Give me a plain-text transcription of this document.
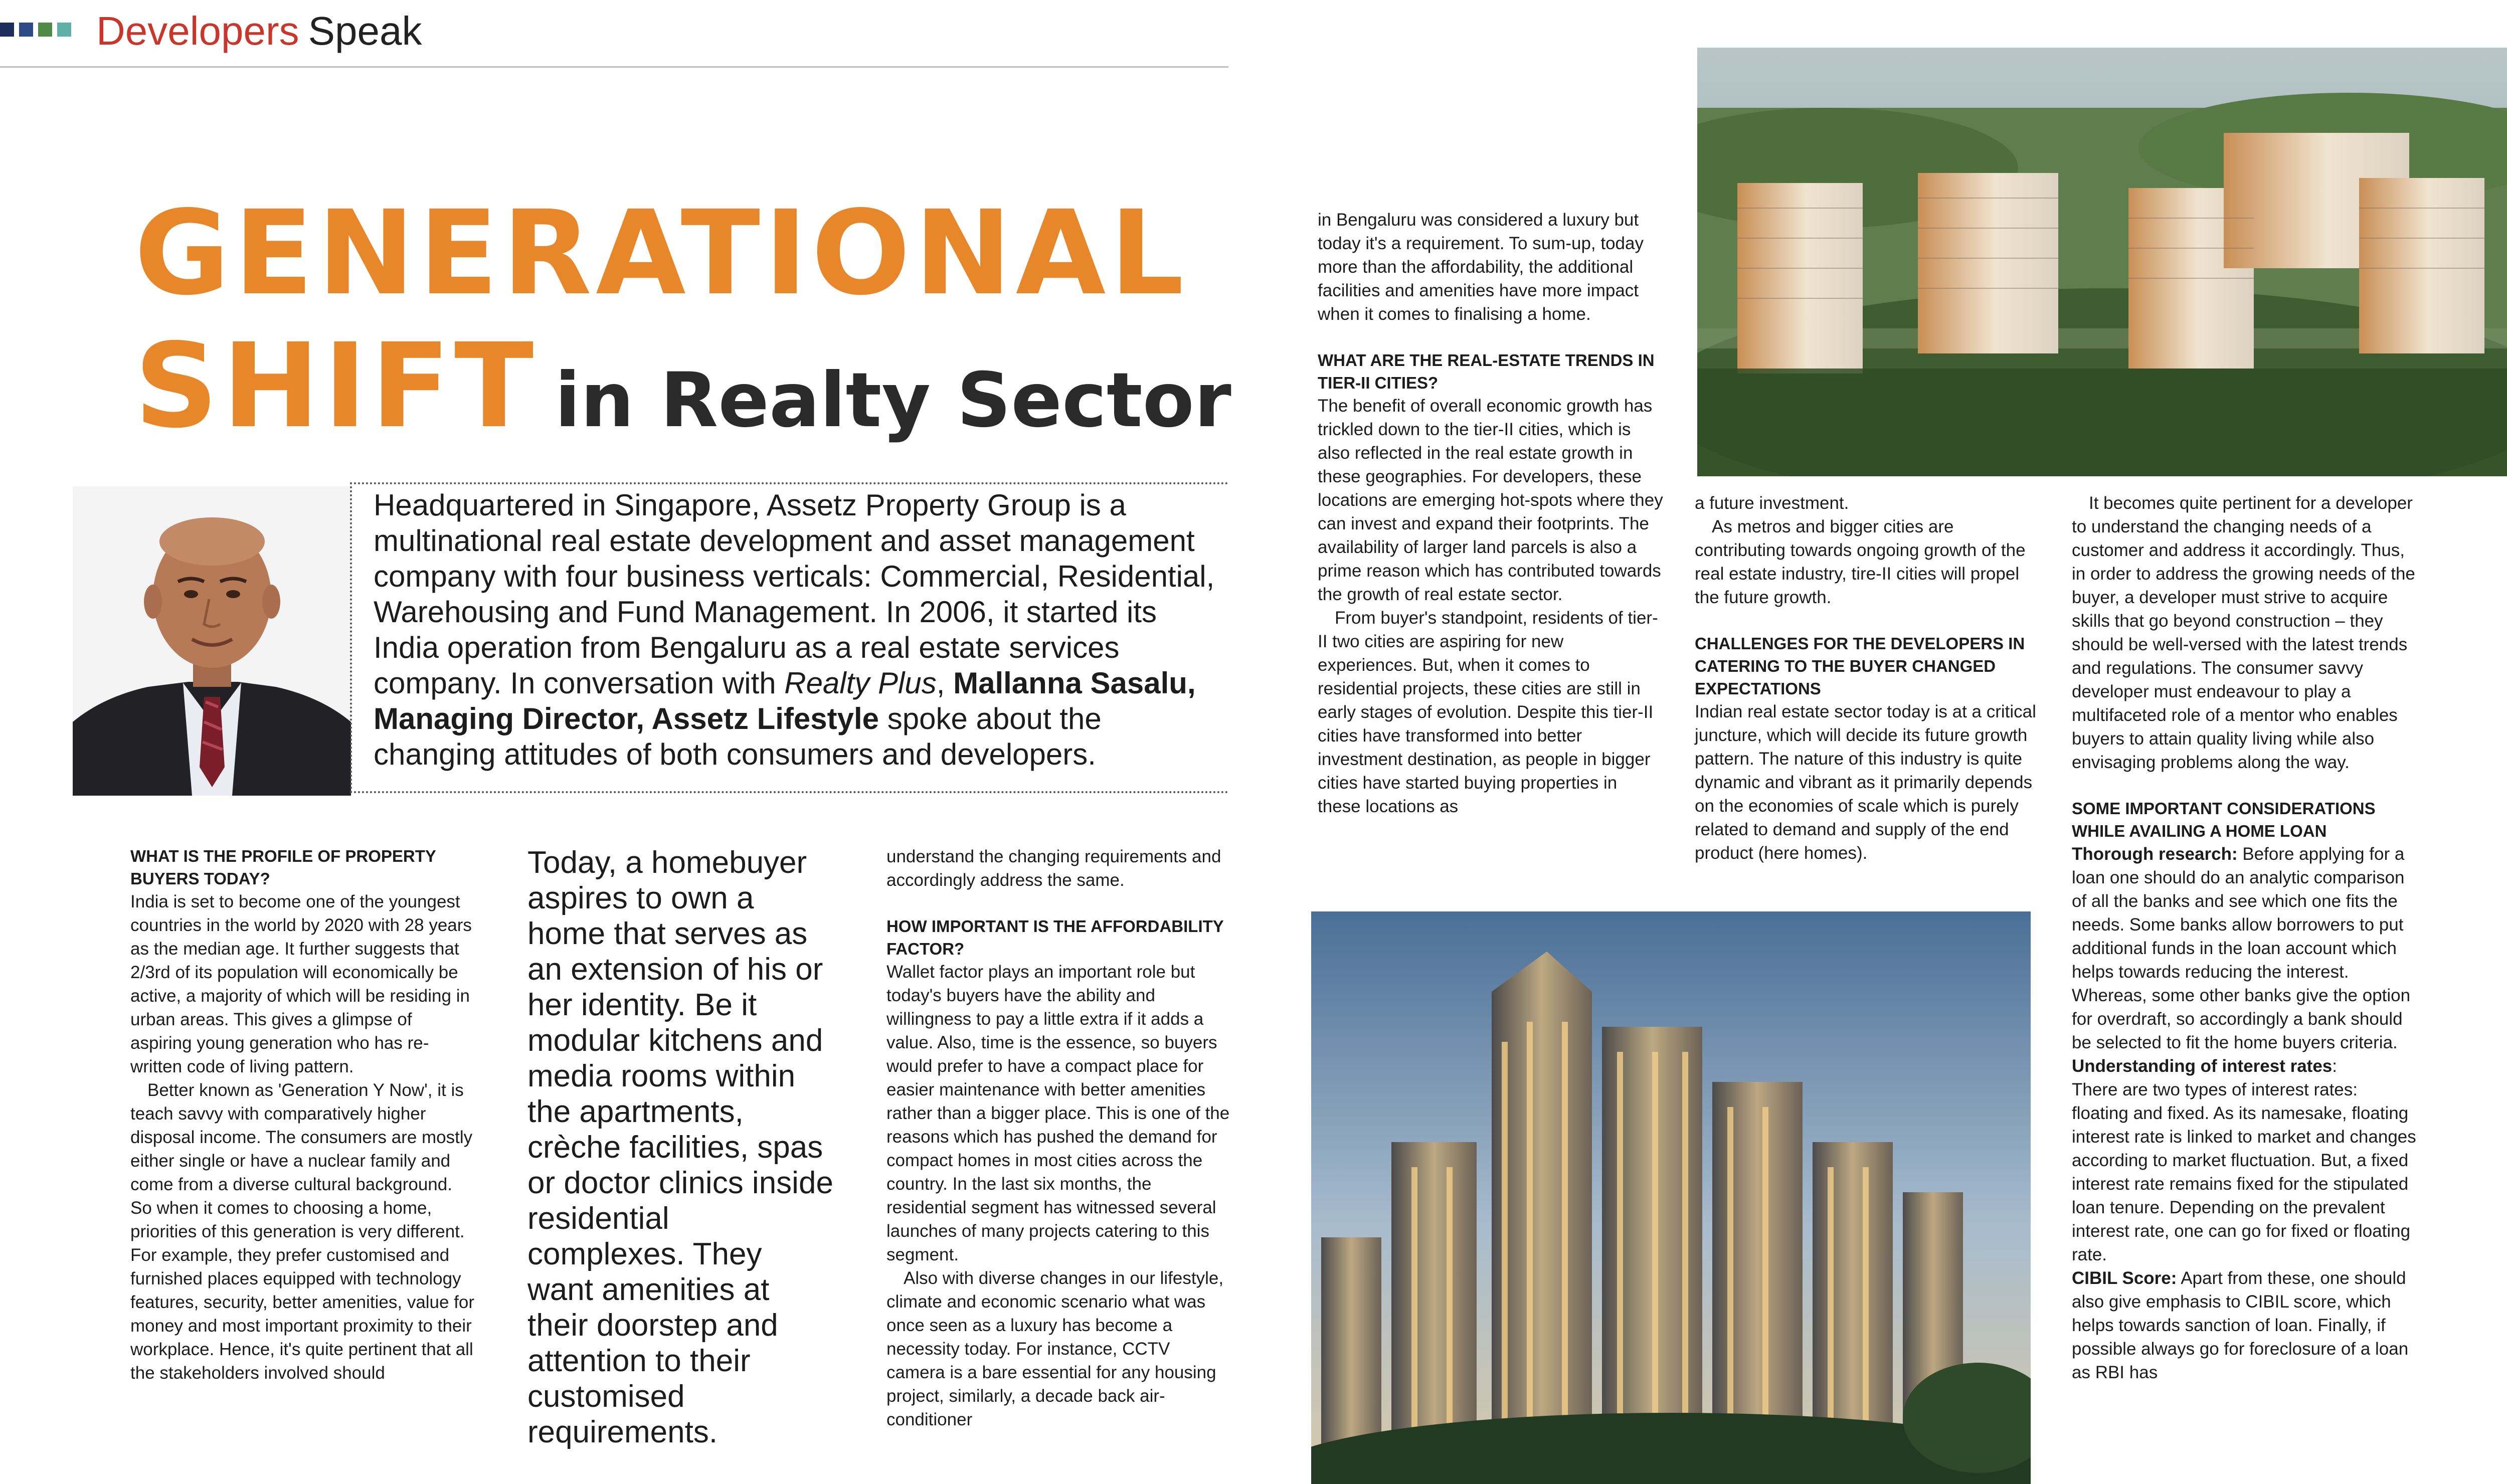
Developers Speak
GENERATIONAL
SHIFT in Realty Sector
Headquartered in Singapore, Assetz Property Group is a multinational real estate development and asset management company with four business verticals: Commercial, Residential, Warehousing and Fund Management. In 2006, it started its India operation from Bengaluru as a real estate services company. In conversation with Realty Plus, Mallanna Sasalu, Managing Director, Assetz Lifestyle spoke about the changing attitudes of both consumers and developers.
WHAT IS THE PROFILE OF PROPERTY BUYERS TODAY?

India is set to become one of the youngest countries in the world by 2020 with 28 years as the median age. It further suggests that 2/3rd of its population will economically be active, a majority of which will be residing in urban areas. This gives a glimpse of aspiring young generation who has re-written code of living pattern.

Better known as 'Generation Y Now', it is teach savvy with comparatively higher disposal income. The consumers are mostly either single or have a nuclear family and come from a diverse cultural background. So when it comes to choosing a home, priorities of this generation is very different. For example, they prefer customised and furnished places equipped with technology features, security, better amenities, value for money and most important proximity to their workplace. Hence, it's quite pertinent that all the stakeholders involved should

Today, a homebuyer aspires to own a home that serves as an extension of his or her identity. Be it modular kitchens and media rooms within the apartments, crèche facilities, spas or doctor clinics inside residential complexes. They want amenities at their doorstep and attention to their customised requirements.

understand the changing requirements and accordingly address the same.

HOW IMPORTANT IS THE AFFORDABILITY FACTOR?

Wallet factor plays an important role but today's buyers have the ability and willingness to pay a little extra if it adds a value. Also, time is the essence, so buyers would prefer to have a compact place for easier maintenance with better amenities rather than a bigger place. This is one of the reasons which has pushed the demand for compact homes in most cities across the country. In the last six months, the residential segment has witnessed several launches of many projects catering to this segment.

Also with diverse changes in our lifestyle, climate and economic scenario what was once seen as a luxury has become a necessity today. For instance, CCTV camera is a bare essential for any housing project, similarly, a decade back air-conditioner

in Bengaluru was considered a luxury but today it's a requirement. To sum-up, today more than the affordability, the additional facilities and amenities have more impact when it comes to finalising a home.

WHAT ARE THE REAL-ESTATE TRENDS IN TIER-II CITIES?

The benefit of overall economic growth has trickled down to the tier-II cities, which is also reflected in the real estate growth in these geographies. For developers, these locations are emerging hot-spots where they can invest and expand their footprints. The availability of larger land parcels is also a prime reason which has contributed towards the growth of real estate sector.

From buyer's standpoint, residents of tier-II two cities are aspiring for new experiences. But, when it comes to residential projects, these cities are still in early stages of evolution. Despite this tier-II cities have transformed into better investment destination, as people in bigger cities have started buying properties in these locations as

a future investment.

As metros and bigger cities are contributing towards ongoing growth of the real estate industry, tire-II cities will propel the future growth.

CHALLENGES FOR THE DEVELOPERS IN CATERING TO THE BUYER CHANGED EXPECTATIONS

Indian real estate sector today is at a critical juncture, which will decide its future growth pattern. The nature of this industry is quite dynamic and vibrant as it primarily depends on the economies of scale which is purely related to demand and supply of the end product (here homes).

It becomes quite pertinent for a developer to understand the changing needs of a customer and address it accordingly. Thus, in order to address the growing needs of the buyer, a developer must strive to acquire skills that go beyond construction – they should be well-versed with the latest trends and regulations. The consumer savvy developer must endeavour to play a multifaceted role of a mentor who enables buyers to attain quality living while also envisaging problems along the way.

SOME IMPORTANT CONSIDERATIONS WHILE AVAILING A HOME LOAN

Thorough research: Before applying for a loan one should do an analytic comparison of all the banks and see which one fits the needs. Some banks allow borrowers to put additional funds in the loan account which helps towards reducing the interest. Whereas, some other banks give the option for overdraft, so accordingly a bank should be selected to fit the home buyers criteria.

Understanding of interest rates:

There are two types of interest rates: floating and fixed. As its namesake, floating interest rate is linked to market and changes according to market fluctuation. But, a fixed interest rate remains fixed for the stipulated loan tenure. Depending on the prevalent interest rate, one can go for fixed or floating rate.

CIBIL Score: Apart from these, one should also give emphasis to CIBIL score, which helps towards sanction of loan. Finally, if possible always go for foreclosure of a loan as RBI has
